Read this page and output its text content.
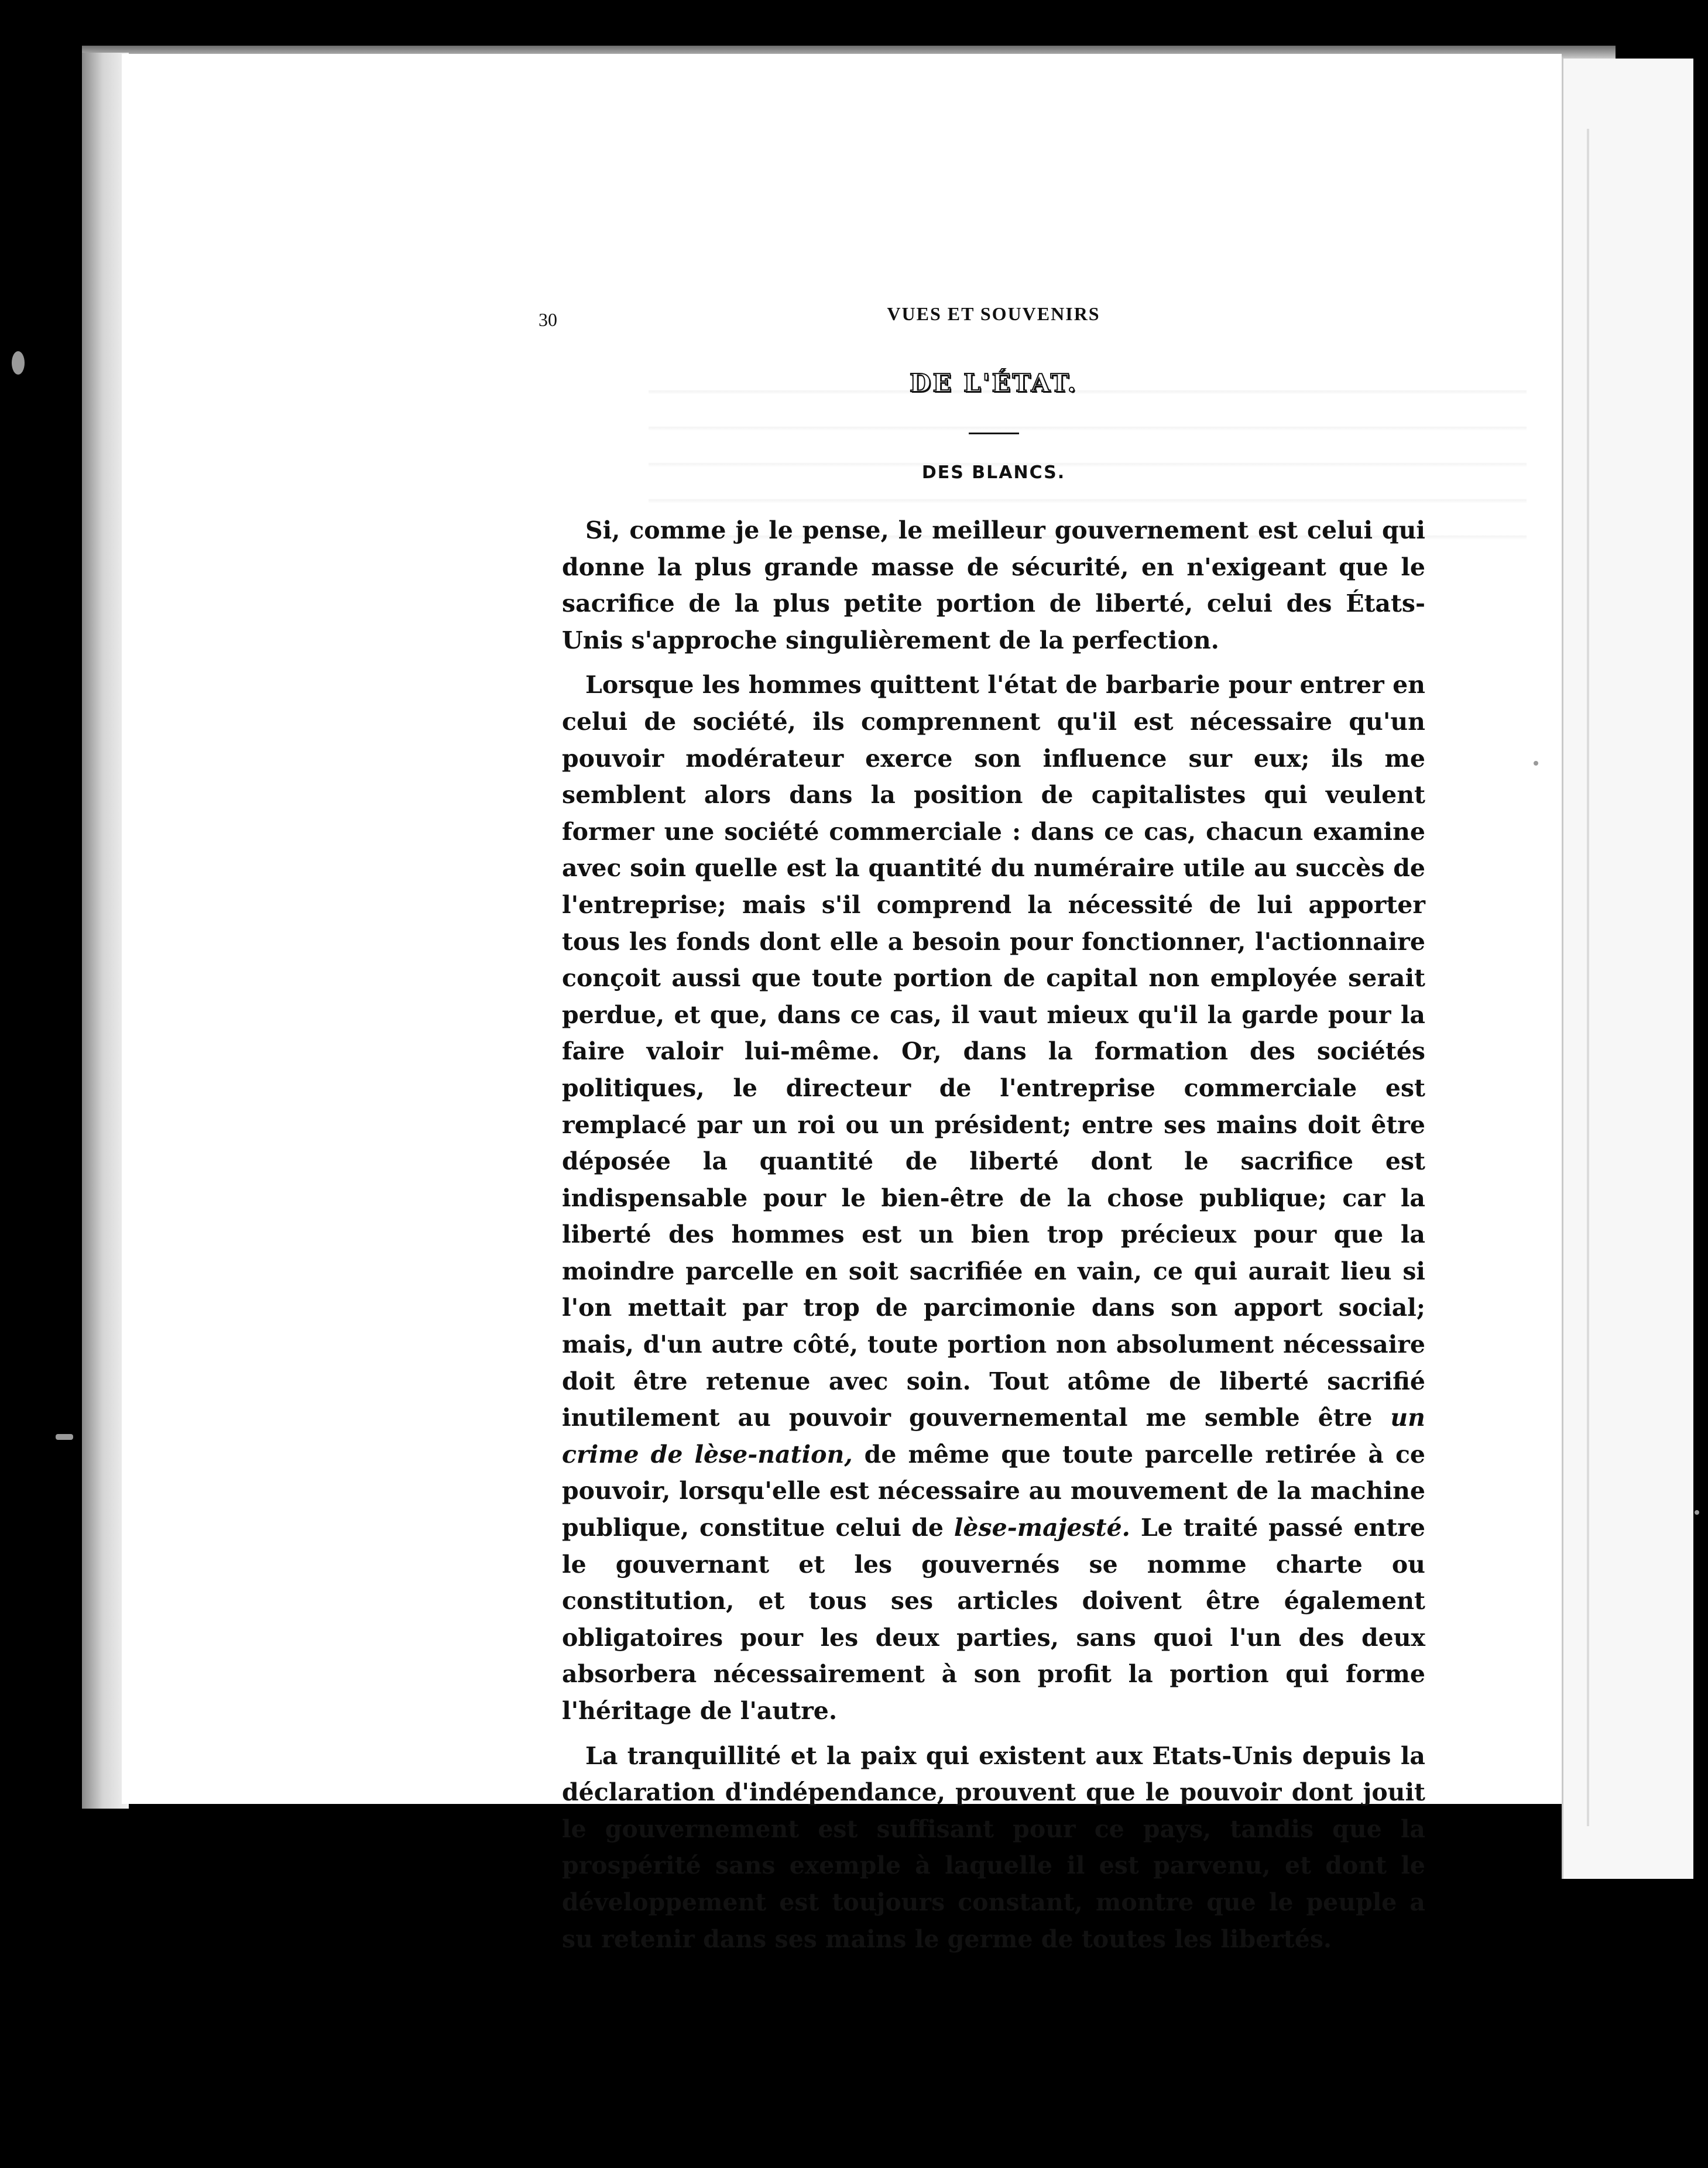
30	VUES ET SOUVENIRS
DE L'ÉTAT.
DES BLANCS.

Si, comme je le pense, le meilleur gouvernement est celui qui donne la plus grande masse de sécurité, en n'exigeant que le sacrifice de la plus petite portion de liberté, celui des États-Unis s'approche singulièrement de la perfection.

Lorsque les hommes quittent l'état de barbarie pour entrer en celui de société, ils comprennent qu'il est nécessaire qu'un pouvoir modérateur exerce son influence sur eux; ils me semblent alors dans la position de capitalistes qui veulent former une société commerciale : dans ce cas, chacun examine avec soin quelle est la quantité du numéraire utile au succès de l'entreprise; mais s'il comprend la nécessité de lui apporter tous les fonds dont elle a besoin pour fonctionner, l'actionnaire conçoit aussi que toute portion de capital non employée serait perdue, et que, dans ce cas, il vaut mieux qu'il la garde pour la faire valoir lui-même. Or, dans la formation des sociétés politiques, le directeur de l'entreprise commerciale est remplacé par un roi ou un président; entre ses mains doit être déposée la quantité de liberté dont le sacrifice est indispensable pour le bien-être de la chose publique; car la liberté des hommes est un bien trop précieux pour que la moindre parcelle en soit sacrifiée en vain, ce qui aurait lieu si l'on mettait par trop de parcimonie dans son apport social; mais, d'un autre côté, toute portion non absolument nécessaire doit être retenue avec soin. Tout atôme de liberté sacrifié inutilement au pouvoir gouvernemental me semble être un crime de lèse-nation, de même que toute parcelle retirée à ce pouvoir, lorsqu'elle est nécessaire au mouvement de la machine publique, constitue celui de lèse-majesté. Le traité passé entre le gouvernant et les gouvernés se nomme charte ou constitution, et tous ses articles doivent être également obligatoires pour les deux parties, sans quoi l'un des deux absorbera nécessairement à son profit la portion qui forme l'héritage de l'autre.

La tranquillité et la paix qui existent aux Etats-Unis depuis la déclaration d'indépendance, prouvent que le pouvoir dont jouit le gouvernement est suffisant pour ce pays, tandis que la prospérité sans exemple à laquelle il est parvenu, et dont le développement est toujours constant, montre que le peuple a su retenir dans ses mains le germe de toutes les libertés.
